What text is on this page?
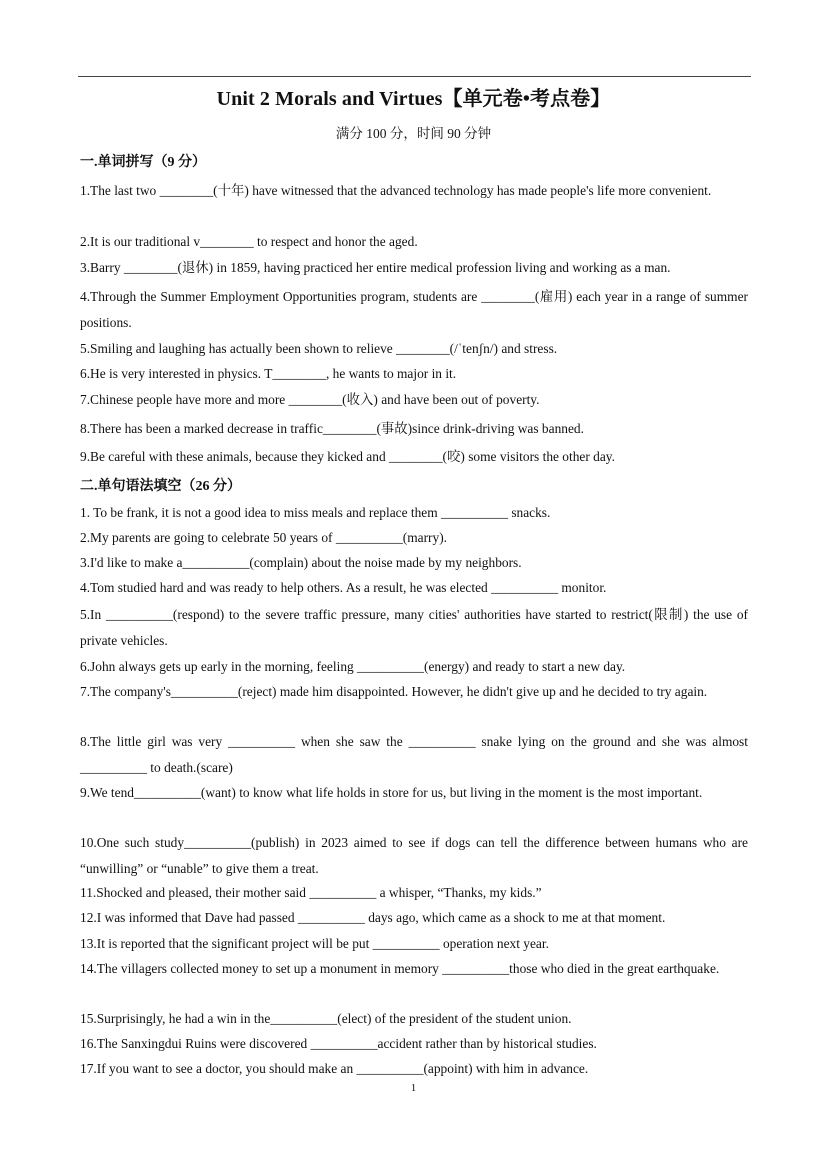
Unit 2 Morals and Virtues【单元卷•考点卷】
满分 100 分，时间 90 分钟
一.单词拼写（9 分）
1.The last two ________(十年) have witnessed that the advanced technology has made people's life more convenient.
2.It is our traditional v________ to respect and honor the aged.
3.Barry ________(退休) in 1859, having practiced her entire medical profession living and working as a man.
4.Through the Summer Employment Opportunities program, students are ________(雇用) each year in a range of summer positions.
5.Smiling and laughing has actually been shown to relieve ________(/ˈtenʃn/) and stress.
6.He is very interested in physics. T________, he wants to major in it.
7.Chinese people have more and more ________(收入) and have been out of poverty.
8.There has been a marked decrease in traffic________(事故)since drink-driving was banned.
9.Be careful with these animals, because they kicked and ________(咬) some visitors the other day.
二.单句语法填空（26 分）
1. To be frank, it is not a good idea to miss meals and replace them __________ snacks.
2.My parents are going to celebrate 50 years of __________(marry).
3.I'd like to make a__________(complain) about the noise made by my neighbors.
4.Tom studied hard and was ready to help others. As a result, he was elected __________ monitor.
5.In __________(respond) to the severe traffic pressure, many cities' authorities have started to restrict(限制) the use of private vehicles.
6.John always gets up early in the morning, feeling __________(energy) and ready to start a new day.
7.The company's__________(reject) made him disappointed. However, he didn't give up and he decided to try again.
8.The little girl was very __________ when she saw the __________ snake lying on the ground and she was almost __________ to death.(scare)
9.We tend__________(want) to know what life holds in store for us, but living in the moment is the most important.
10.One such study__________(publish) in 2023 aimed to see if dogs can tell the difference between humans who are “unwilling” or “unable” to give them a treat.
11.Shocked and pleased, their mother said __________ a whisper, “Thanks, my kids.”
12.I was informed that Dave had passed __________ days ago, which came as a shock to me at that moment.
13.It is reported that the significant project will be put __________ operation next year.
14.The villagers collected money to set up a monument in memory __________those who died in the great earthquake.
15.Surprisingly, he had a win in the__________(elect) of the president of the student union.
16.The Sanxingdui Ruins were discovered __________accident rather than by historical studies.
17.If you want to see a doctor, you should make an __________(appoint) with him in advance.
1
